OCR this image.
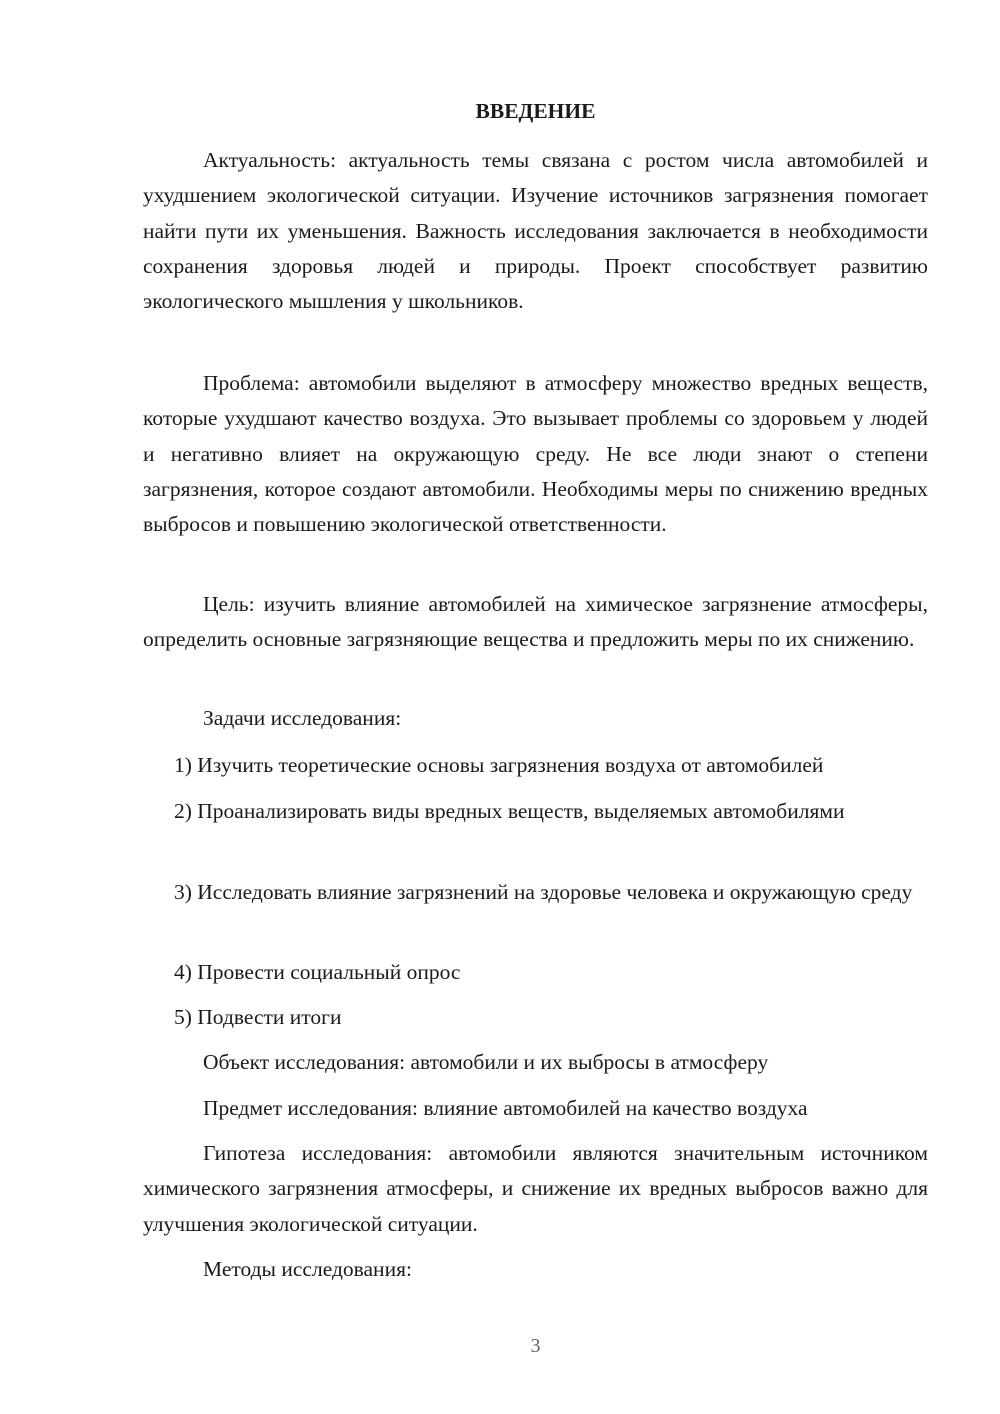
ВВЕДЕНИЕ

Актуальность: актуальность темы связана с ростом числа автомобилей и ухудшением экологической ситуации. Изучение источников загрязнения помогает найти пути их уменьшения. Важность исследования заключается в необходимости сохранения здоровья людей и природы. Проект способствует развитию экологического мышления у школьников.

Проблема: автомобили выделяют в атмосферу множество вредных веществ, которые ухудшают качество воздуха. Это вызывает проблемы со здоровьем у людей и негативно влияет на окружающую среду. Не все люди знают о степени загрязнения, которое создают автомобили. Необходимы меры по снижению вредных выбросов и повышению экологической ответственности.

Цель: изучить влияние автомобилей на химическое загрязнение атмосферы, определить основные загрязняющие вещества и предложить меры по их снижению.

Задачи исследования:

1) Изучить теоретические основы загрязнения воздуха от автомобилей

2) Проанализировать виды вредных веществ, выделяемых автомобилями

3) Исследовать влияние загрязнений на здоровье человека и окружающую среду

4) Провести социальный опрос

5) Подвести итоги

Объект исследования: автомобили и их выбросы в атмосферу

Предмет исследования: влияние автомобилей на качество воздуха

Гипотеза исследования: автомобили являются значительным источником химического загрязнения атмосферы, и снижение их вредных выбросов важно для улучшения экологической ситуации.

Методы исследования:

3
